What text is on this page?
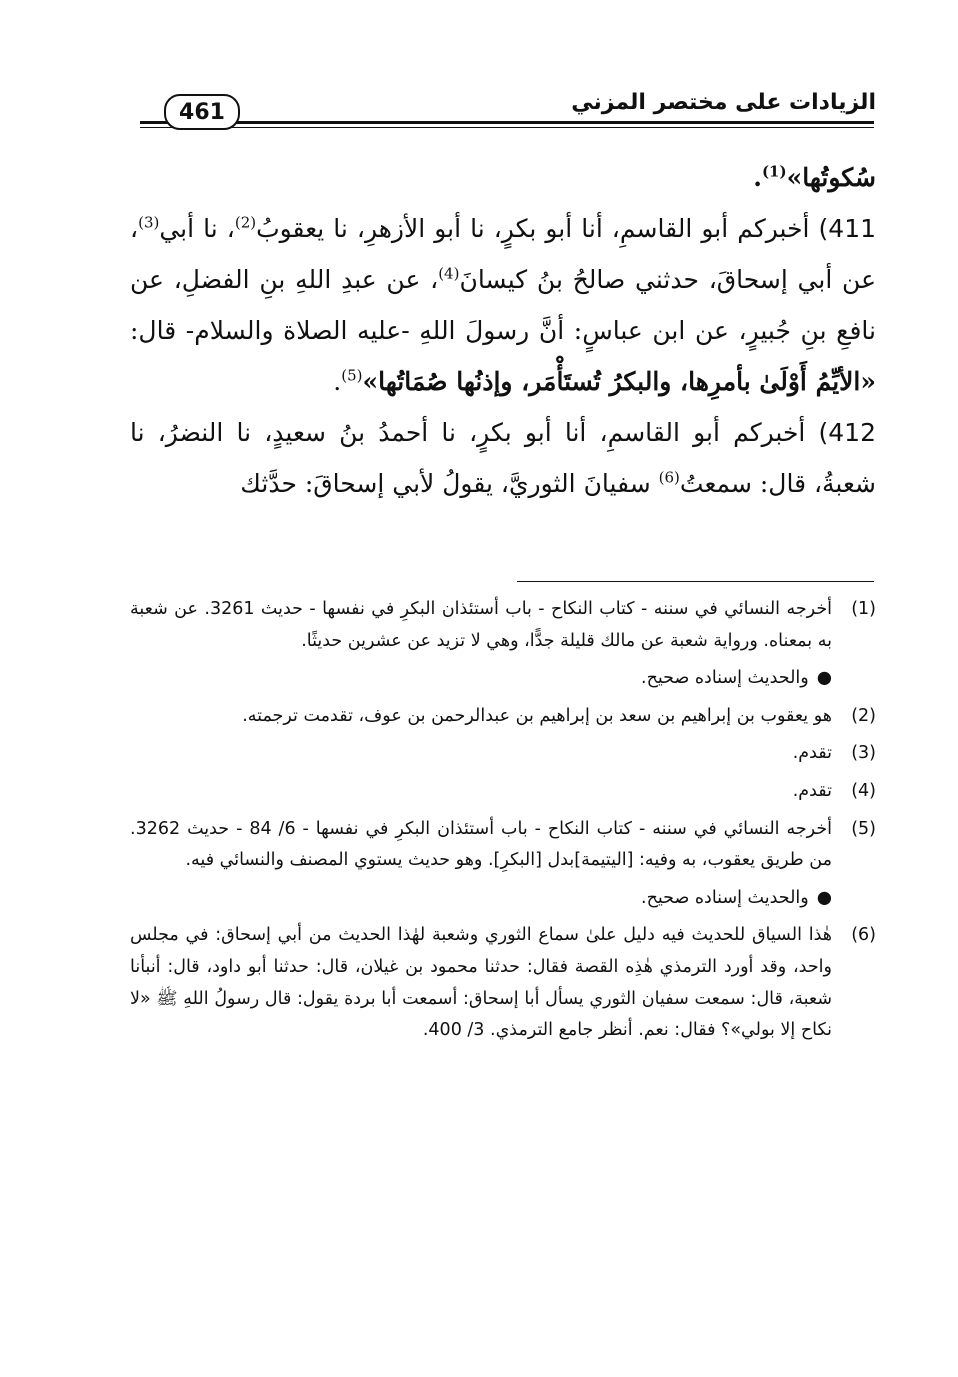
461	الزيادات على مختصر المزني

سُكوتُها»$^{(1)}$.

411) أخبركم أبو القاسمِ، أنا أبو بكرٍ، نا أبو الأزهرِ، نا يعقوبُ$^{(2)}$، نا أبي$^{(3)}$، عن أبي إسحاقَ، حدثني صالحُ بنُ كيسانَ$^{(4)}$، عن عبدِ اللهِ بنِ الفضلِ، عن نافعِ بنِ جُبيرٍ، عن ابن عباسٍ: أنَّ رسولَ اللهِ -عليه الصلاة والسلام- قال: «الأيِّمُ أَوْلَىٰ بأمرِها، والبكرُ تُستَأْمَر، وإذنُها صُمَاتُها»$^{(5)}$.

412) أخبركم أبو القاسمِ، أنا أبو بكرٍ، نا أحمدُ بنُ سعيدٍ، نا النضرُ، نا شعبةُ، قال: سمعتُ$^{(6)}$ سفيانَ الثوريَّ، يقولُ لأبي إسحاقَ: حدَّثك

(1)
أخرجه النسائي في سننه - كتاب النكاح - باب أستئذان البكرِ في نفسها - حديث 3261. عن شعبة به بمعناه. ورواية شعبة عن مالك قليلة جدًّا، وهي لا تزيد عن عشرين حديثًا.
●والحديث إسناده صحيح.
(2)
هو يعقوب بن إبراهيم بن سعد بن إبراهيم بن عبدالرحمن بن عوف، تقدمت ترجمته.
(3)
تقدم.
(4)
تقدم.
(5)
أخرجه النسائي في سننه - كتاب النكاح - باب أستئذان البكرِ في نفسها - 6/ 84 - حديث 3262. من طريق يعقوب، به وفيه: [اليتيمة]بدل [البكرِ]. وهو حديث يستوي المصنف والنسائي فيه.
●والحديث إسناده صحيح.
(6)
هٰذا السياق للحديث فيه دليل علىٰ سماع الثوري وشعبة لهٰذا الحديث من أبي إسحاق: في مجلس واحد، وقد أورد الترمذي هٰذِه القصة فقال: حدثنا محمود بن غيلان، قال: حدثنا أبو داود، قال: أنبأنا شعبة، قال: سمعت سفيان الثوري يسأل أبا إسحاق: أسمعت أبا بردة يقول: قال رسولُ اللهِ ﷺ «لا نكاح إلا بولي»؟ فقال: نعم. أنظر جامع الترمذي. 3/ 400.
